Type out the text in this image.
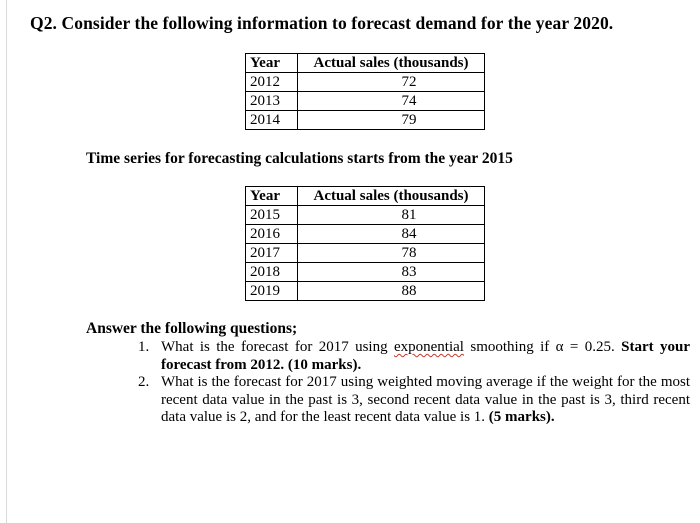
Q2. Consider the following information to forecast demand for the year 2020.
Year	Actual sales (thousands)
2012	72
2013	74
2014	79
Time series for forecasting calculations starts from the year 2015
Year	Actual sales (thousands)
2015	81
2016	84
2017	78
2018	83
2019	88
Answer the following questions;
1. What is the forecast for 2017 using exponential smoothing if α = 0.25. Start your forecast from 2012. (10 marks).
2. What is the forecast for 2017 using weighted moving average if the weight for the most recent data value in the past is 3, second recent data value in the past is 3, third recent data value is 2, and for the least recent data value is 1. (5 marks).
